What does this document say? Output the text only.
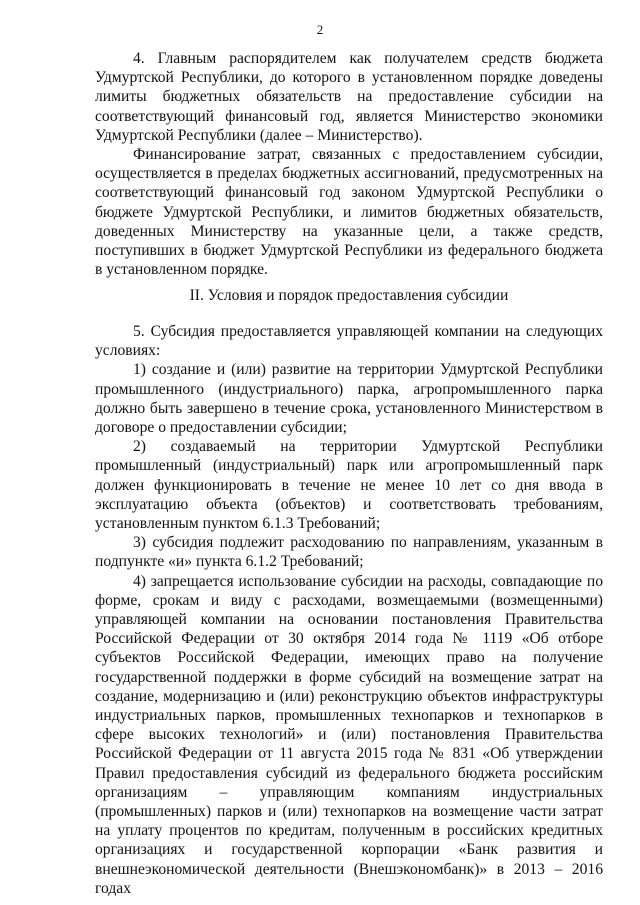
2

4. Главным распорядителем как получателем средств бюджета Удмуртской Республики, до которого в установленном порядке доведены лимиты бюджетных обязательств на предоставление субсидии на соответствующий финансовый год, является Министерство экономики Удмуртской Республики (далее – Министерство).

Финансирование затрат, связанных с предоставлением субсидии, осуществляется в пределах бюджетных ассигнований, предусмотренных на соответствующий финансовый год законом Удмуртской Республики о бюджете Удмуртской Республики, и лимитов бюджетных обязательств, доведенных Министерству на указанные цели, а также средств, поступивших в бюджет Удмуртской Республики из федерального бюджета в установленном порядке.

II. Условия и порядок предоставления субсидии

5. Субсидия предоставляется управляющей компании на следующих условиях:

1) создание и (или) развитие на территории Удмуртской Республики промышленного (индустриального) парка, агропромышленного парка должно быть завершено в течение срока, установленного Министерством в договоре о предоставлении субсидии;

2) создаваемый на территории Удмуртской Республики промышленный (индустриальный) парк или агропромышленный парк должен функционировать в течение не менее 10 лет со дня ввода в эксплуатацию объекта (объектов) и соответствовать требованиям, установленным пунктом 6.1.3 Требований;

3) субсидия подлежит расходованию по направлениям, указанным в подпункте «и» пункта 6.1.2 Требований;

4) запрещается использование субсидии на расходы, совпадающие по форме, срокам и виду с расходами, возмещаемыми (возмещенными) управляющей компании на основании постановления Правительства Российской Федерации от 30 октября 2014 года № 1119 «Об отборе субъектов Российской Федерации, имеющих право на получение государственной поддержки в форме субсидий на возмещение затрат на создание, модернизацию и (или) реконструкцию объектов инфраструктуры индустриальных парков, промышленных технопарков и технопарков в сфере высоких технологий» и (или) постановления Правительства Российской Федерации от 11 августа 2015 года № 831 «Об утверждении Правил предоставления субсидий из федерального бюджета российским организациям – управляющим компаниям индустриальных (промышленных) парков и (или) технопарков на возмещение части затрат на уплату процентов по кредитам, полученным в российских кредитных организациях и государственной корпорации «Банк развития и внешнеэкономической деятельности (Внешэкономбанк)» в 2013 – 2016 годах
